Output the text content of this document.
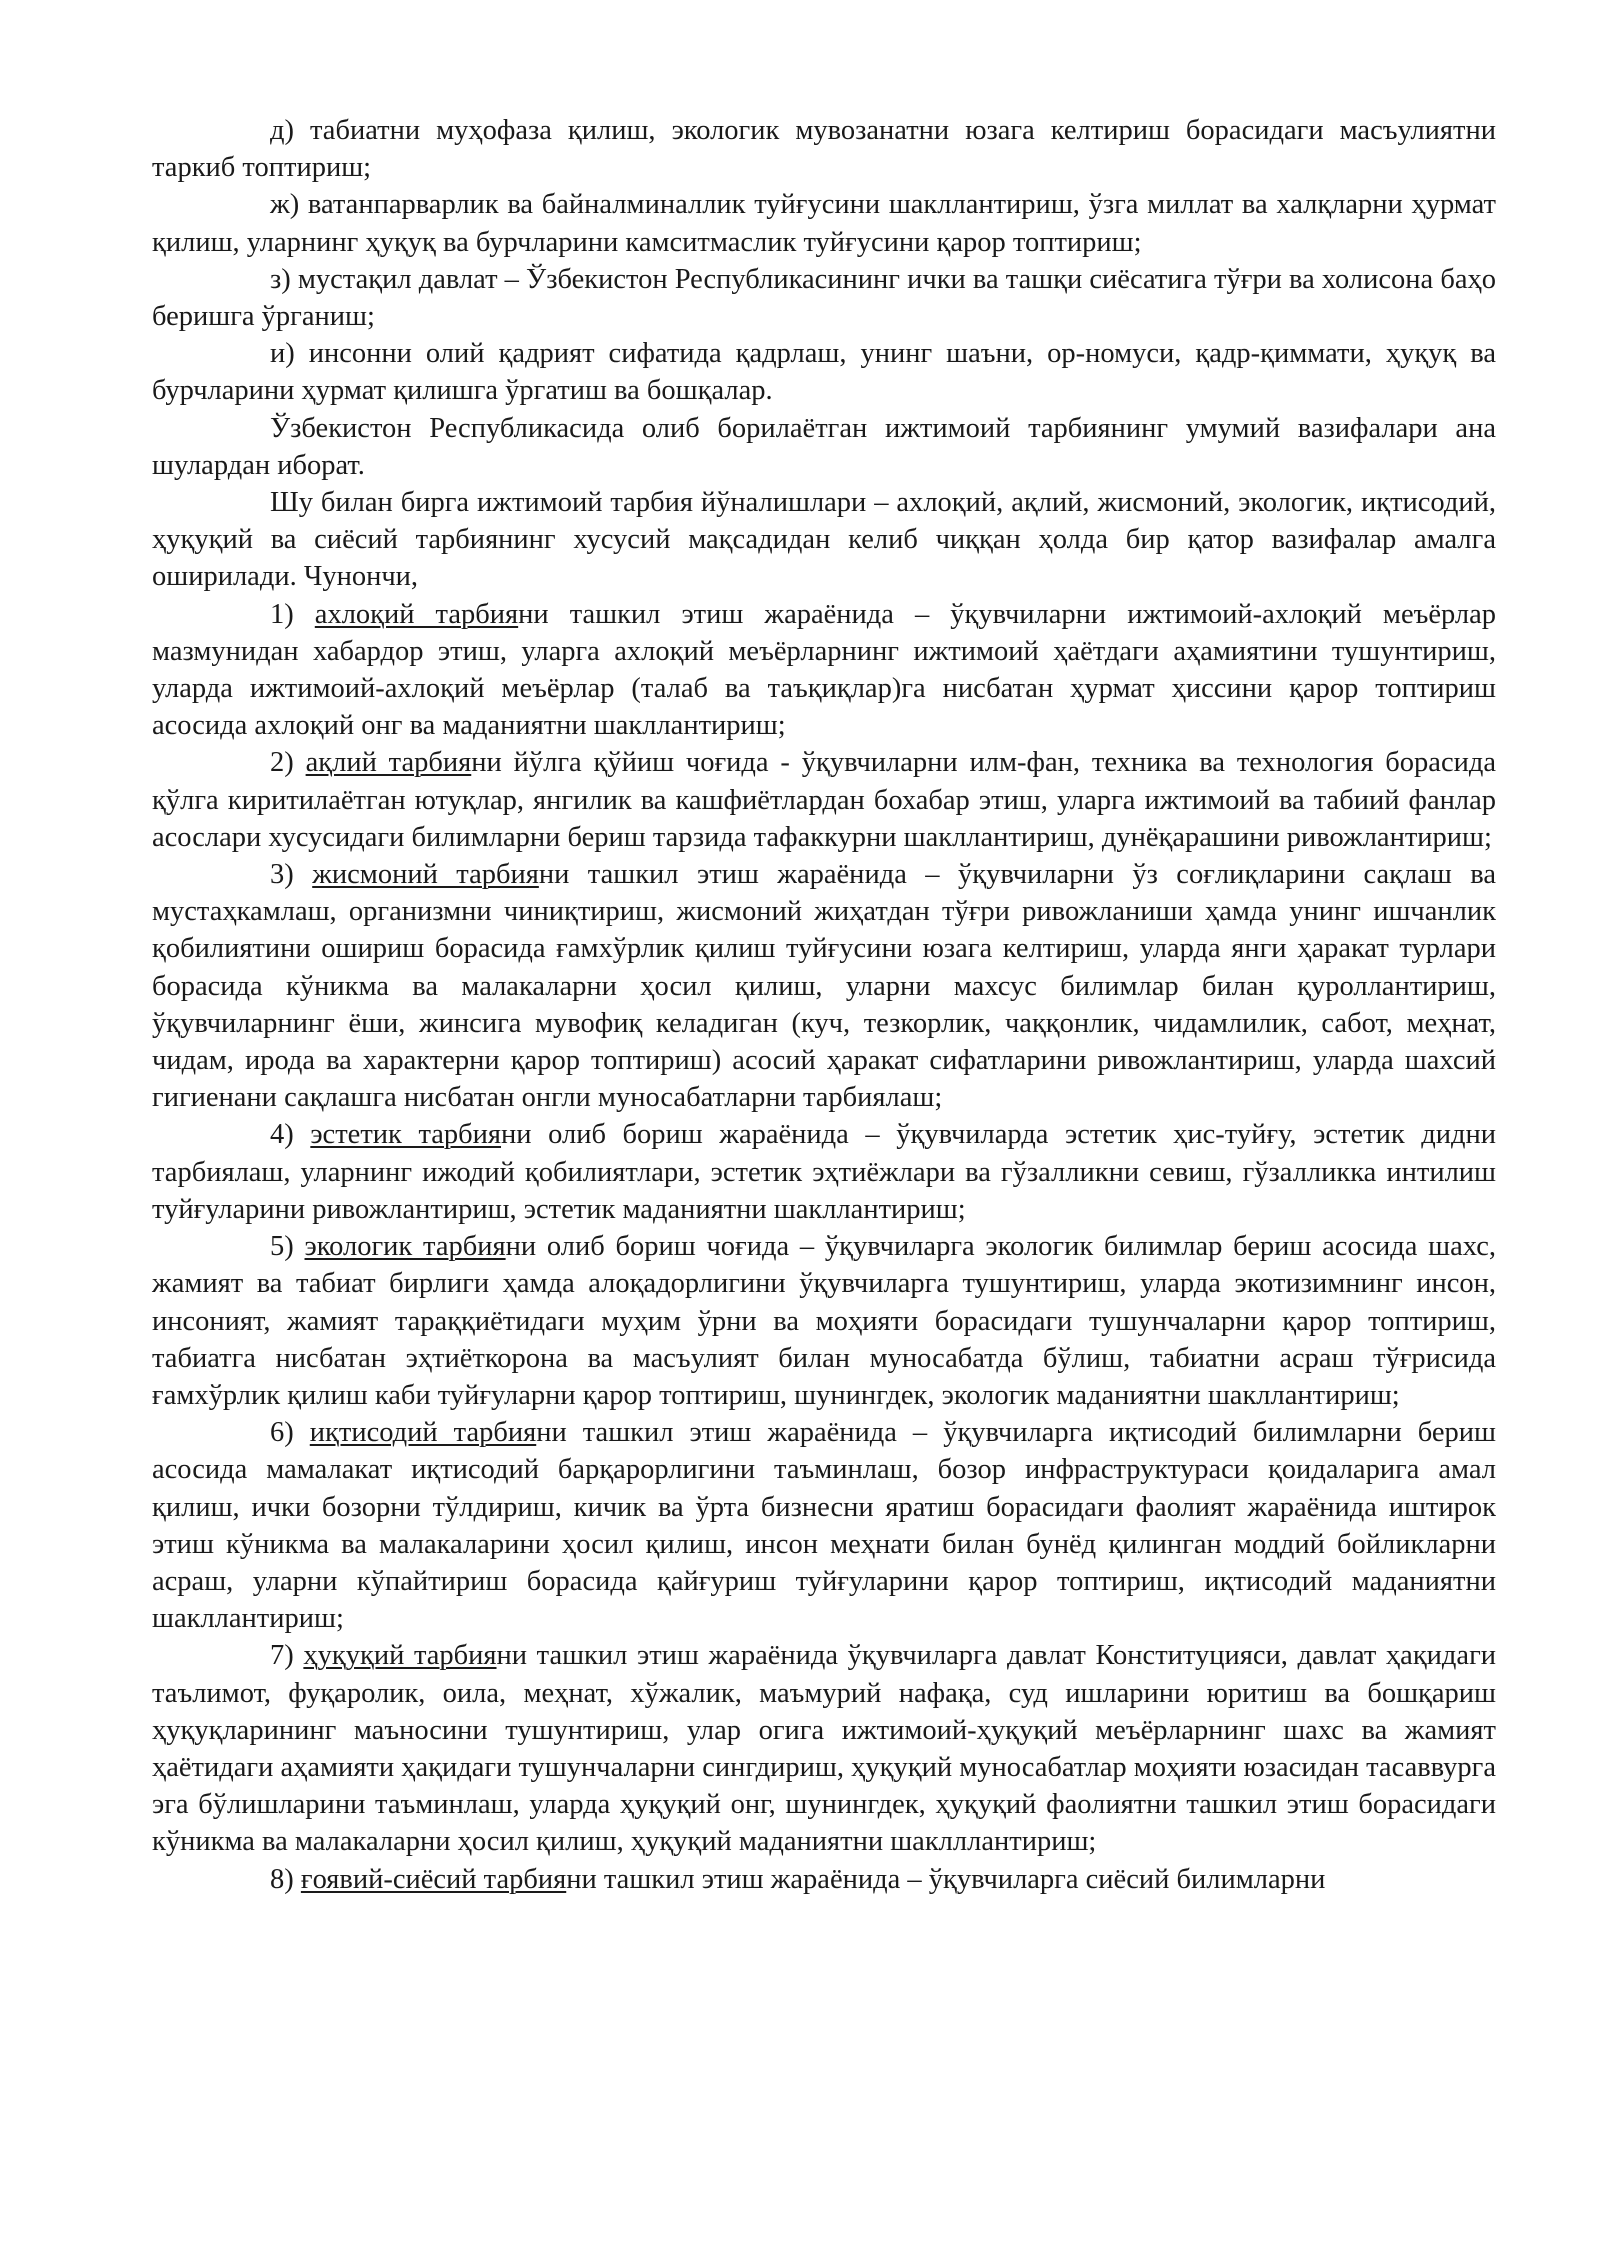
д) табиатни муҳофаза қилиш, экологик мувозанатни юзага келтириш борасидаги масъулиятни таркиб топтириш;

ж) ватанпарварлик ва байналминаллик туйғусини шакллантириш, ўзга миллат ва халқларни ҳурмат қилиш, уларнинг ҳуқуқ ва бурчларини камситмаслик туйғусини қарор топтириш;

з) мустақил давлат – Ўзбекистон Республикасининг ички ва ташқи сиёсатига тўғри ва холисона баҳо беришга ўрганиш;

и) инсонни олий қадрият сифатида қадрлаш, унинг шаъни, ор-номуси, қадр-қиммати, ҳуқуқ ва бурчларини ҳурмат қилишга ўргатиш ва бошқалар.

Ўзбекистон Республикасида олиб борилаётган ижтимоий тарбиянинг умумий вазифалари ана шулардан иборат.

Шу билан бирга ижтимоий тарбия йўналишлари – ахлоқий, ақлий, жисмоний, экологик, иқтисодий, ҳуқуқий ва сиёсий тарбиянинг хусусий мақсадидан келиб чиққан ҳолда бир қатор вазифалар амалга оширилади. Чунончи,

1) ахлоқий тарбияни ташкил этиш жараёнида – ўқувчиларни ижтимоий-ахлоқий меъёрлар мазмунидан хабардор этиш, уларга ахлоқий меъёрларнинг ижтимоий ҳаётдаги аҳамиятини тушунтириш, уларда ижтимоий-ахлоқий меъёрлар (талаб ва таъқиқлар)га нисбатан ҳурмат ҳиссини қарор топтириш асосида ахлоқий онг ва маданиятни шакллантириш;

2) ақлий тарбияни йўлга қўйиш чоғида - ўқувчиларни илм-фан, техника ва технология борасида қўлга киритилаётган ютуқлар, янгилик ва кашфиётлардан бохабар этиш, уларга ижтимоий ва табиий фанлар асослари хусусидаги билимларни бериш тарзида тафаккурни шакллантириш, дунёқарашини ривожлантириш;

3) жисмоний тарбияни ташкил этиш жараёнида – ўқувчиларни ўз соғлиқларини сақлаш ва мустаҳкамлаш, организмни чиниқтириш, жисмоний жиҳатдан тўғри ривожланиши ҳамда унинг ишчанлик қобилиятини ошириш борасида ғамхўрлик қилиш туйғусини юзага келтириш, уларда янги ҳаракат турлари борасида кўникма ва малакаларни ҳосил қилиш, уларни махсус билимлар билан қуроллантириш, ўқувчиларнинг ёши, жинсига мувофиқ келадиган (куч, тезкорлик, чаққонлик, чидамлилик, сабот, меҳнат, чидам, ирода ва характерни қарор топтириш) асосий ҳаракат сифатларини ривожлантириш, уларда шахсий гигиенани сақлашга нисбатан онгли муносабатларни тарбиялаш;

4) эстетик тарбияни олиб бориш жараёнида – ўқувчиларда эстетик ҳис-туйғу, эстетик дидни тарбиялаш, уларнинг ижодий қобилиятлари, эстетик эҳтиёжлари ва гўзалликни севиш, гўзалликка интилиш туйғуларини ривожлантириш, эстетик маданиятни шакллантириш;

5) экологик тарбияни олиб бориш чоғида – ўқувчиларга экологик билимлар бериш асосида шахс, жамият ва табиат бирлиги ҳамда алоқадорлигини ўқувчиларга тушунтириш, уларда экотизимнинг инсон, инсоният, жамият тараққиётидаги муҳим ўрни ва моҳияти борасидаги тушунчаларни қарор топтириш, табиатга нисбатан эҳтиёткорона ва масъулият билан муносабатда бўлиш, табиатни асраш тўғрисида ғамхўрлик қилиш каби туйғуларни қарор топтириш, шунингдек, экологик маданиятни шакллантириш;

6) иқтисодий тарбияни ташкил этиш жараёнида – ўқувчиларга иқтисодий билимларни бериш асосида мамалакат иқтисодий барқарорлигини таъминлаш, бозор инфраструктураси қоидаларига амал қилиш, ички бозорни тўлдириш, кичик ва ўрта бизнесни яратиш борасидаги фаолият жараёнида иштирок этиш кўникма ва малакаларини ҳосил қилиш, инсон меҳнати билан бунёд қилинган моддий бойликларни асраш, уларни кўпайтириш борасида қайғуриш туйғуларини қарор топтириш, иқтисодий маданиятни шакллантириш;

7) ҳуқуқий тарбияни ташкил этиш жараёнида ўқувчиларга давлат Конституцияси, давлат ҳақидаги таълимот, фуқаролик, оила, меҳнат, хўжалик, маъмурий нафақа, суд ишларини юритиш ва бошқариш ҳуқуқларининг маъносини тушунтириш, улар огига ижтимоий-ҳуқуқий меъёрларнинг шахс ва жамият ҳаётидаги аҳамияти ҳақидаги тушунчаларни сингдириш, ҳуқуқий муносабатлар моҳияти юзасидан тасаввурга эга бўлишларини таъминлаш, уларда ҳуқуқий онг, шунингдек, ҳуқуқий фаолиятни ташкил этиш борасидаги кўникма ва малакаларни ҳосил қилиш, ҳуқуқий маданиятни шаклллантириш;

8) ғоявий-сиёсий тарбияни ташкил этиш жараёнида – ўқувчиларга сиёсий билимларни
